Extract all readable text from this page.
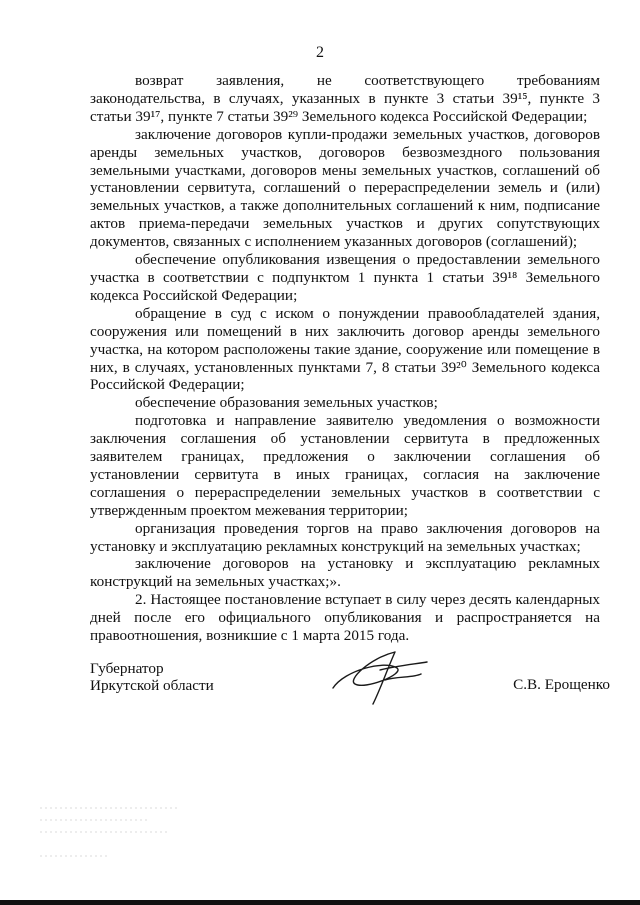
2

возврат заявления, не соответствующего требованиям законодательства, в случаях, указанных в пункте 3 статьи 39¹⁵, пункте 3 статьи 39¹⁷, пункте 7 статьи 39²⁹ Земельного кодекса Российской Федерации;

заключение договоров купли-продажи земельных участков, договоров аренды земельных участков, договоров безвозмездного пользования земельными участками, договоров мены земельных участков, соглашений об установлении сервитута, соглашений о перераспределении земель и (или) земельных участков, а также дополнительных соглашений к ним, подписание актов приема-передачи земельных участков и других сопутствующих документов, связанных с исполнением указанных договоров (соглашений);

обеспечение опубликования извещения о предоставлении земельного участка в соответствии с подпунктом 1 пункта 1 статьи 39¹⁸ Земельного кодекса Российской Федерации;

обращение в суд с иском о понуждении правообладателей здания, сооружения или помещений в них заключить договор аренды земельного участка, на котором расположены такие здание, сооружение или помещение в них, в случаях, установленных пунктами 7, 8 статьи 39²⁰ Земельного кодекса Российской Федерации;

обеспечение образования земельных участков;

подготовка и направление заявителю уведомления о возможности заключения соглашения об установлении сервитута в предложенных заявителем границах, предложения о заключении соглашения об установлении сервитута в иных границах, согласия на заключение соглашения о перераспределении земельных участков в соответствии с утвержденным проектом межевания территории;

организация проведения торгов на право заключения договоров на установку и эксплуатацию рекламных конструкций на земельных участках;

заключение договоров на установку и эксплуатацию рекламных конструкций на земельных участках;».

2. Настоящее постановление вступает в силу через десять календарных дней после его официального опубликования и распространяется на правоотношения, возникшие с 1 марта 2015 года.

Губернатор
Иркутской области	С.В. Ерощенко
